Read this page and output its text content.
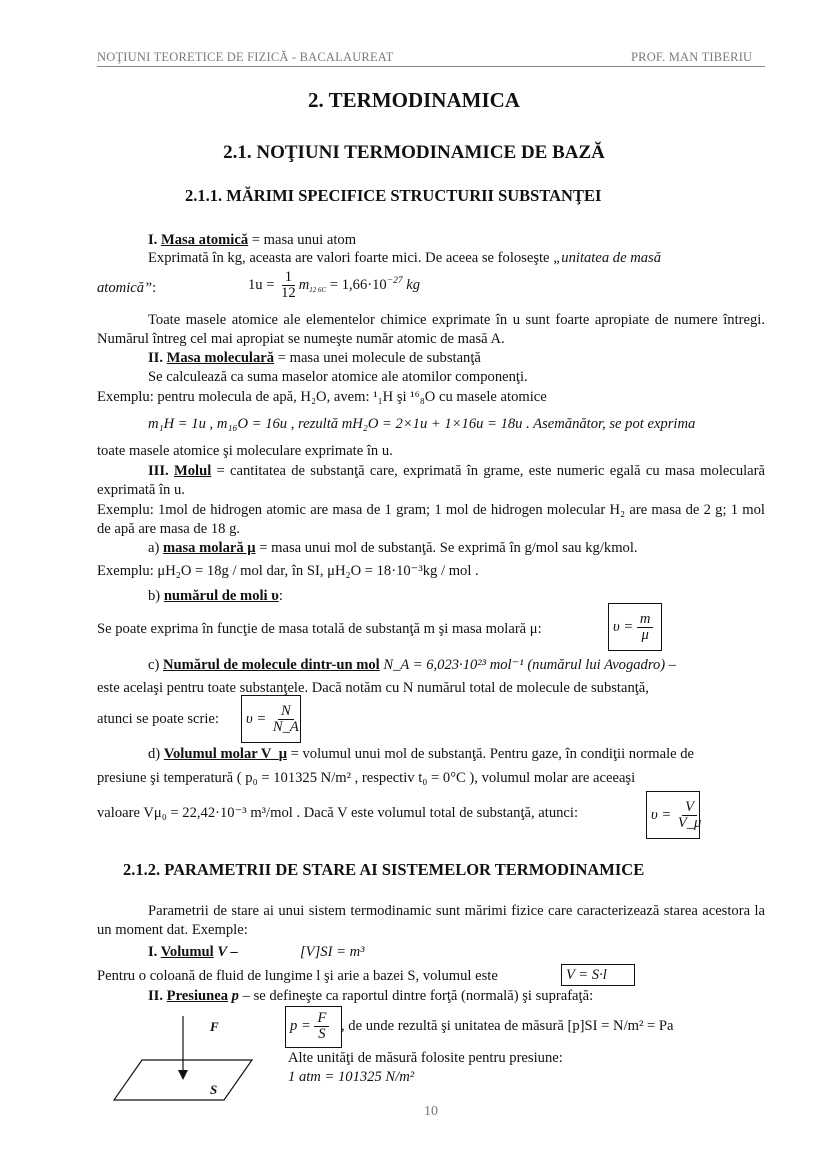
NOŢIUNI TEORETICE DE FIZICĂ - BACALAUREAT	PROF. MAN TIBERIU
2. TERMODINAMICA
2.1. NOŢIUNI TERMODINAMICE DE BAZĂ
2.1.1. MĂRIMI SPECIFICE STRUCTURII SUBSTANŢEI
I. Masa atomică = masa unui atom
Exprimată în kg, aceasta are valori foarte mici. De aceea se foloseşte „unitatea de masă
atomică”:	$1u = \frac{1}{12} m_{12 6C} = 1,66\cdot 10^{-27}$ kg
Toate masele atomice ale elementelor chimice exprimate în u sunt foarte apropiate de numere întregi. Numărul întreg cel mai apropiat se numeşte număr atomic de masă A.
II. Masa moleculară = masa unei molecule de substanţă
Se calculează ca suma maselor atomice ale atomilor componenţi.
Exemplu: pentru molecula de apă, H₂O, avem: ¹₁H şi ¹⁶₈O cu masele atomice
m₁H = 1u , m₁₆O = 16u , rezultă mH₂O = 2×1u + 1×16u = 18u . Asemănător, se pot exprima
toate masele atomice şi moleculare exprimate în u.
III. Molul = cantitatea de substanţă care, exprimată în grame, este numeric egală cu masa moleculară exprimată în u.
Exemplu: 1mol de hidrogen atomic are masa de 1 gram; 1 mol de hidrogen molecular H₂ are masa de 2 g; 1 mol de apă are masa de 18 g.
a) masa molară μ = masa unui mol de substanţă. Se exprimă în g/mol sau kg/kmol.
Exemplu: μH₂O = 18g / mol dar, în SI, μH₂O = 18·10⁻³kg / mol .
b) numărul de moli υ:
Se poate exprima în funcţie de masa totală de substanţă m şi masa molară μ:	$\upsilon = \frac{m}{\mu}$
c) Numărul de molecule dintr-un mol N_A = 6,023·10²³ mol⁻¹ (numărul lui Avogadro) –
este acelaşi pentru toate substanţele. Dacă notăm cu N numărul total de molecule de substanţă,
atunci se poate scrie: $\upsilon = \frac{N}{N\_A}$
d) Volumul molar V_μ = volumul unui mol de substanţă. Pentru gaze, în condiţii normale de
presiune şi temperatură ( p₀ = 101325 N/m² , respectiv t₀ = 0°C ), volumul molar are aceeaşi
valoare Vμ₀ = 22,42·10⁻³ m³/mol . Dacă V este volumul total de substanţă, atunci:	$\upsilon = \frac{V}{V\_\mu}$
2.1.2. PARAMETRII DE STARE AI SISTEMELOR TERMODINAMICE
Parametrii de stare ai unui sistem termodinamic sunt mărimi fizice care caracterizează starea acestora la un moment dat. Exemple:
I. Volumul V –	[V]SI = m³
Pentru o coloană de fluid de lungime l şi arie a bazei S, volumul este	V = S·l
II. Presiunea p – se defineşte ca raportul dintre forţă (normală) şi suprafaţă:
F
S
$p = \frac{F}{S}$ , de unde rezultă şi unitatea de măsură [p]SI = N/m² = Pa
Alte unităţi de măsură folosite pentru presiune:
1 atm = 101325 N/m²
10
